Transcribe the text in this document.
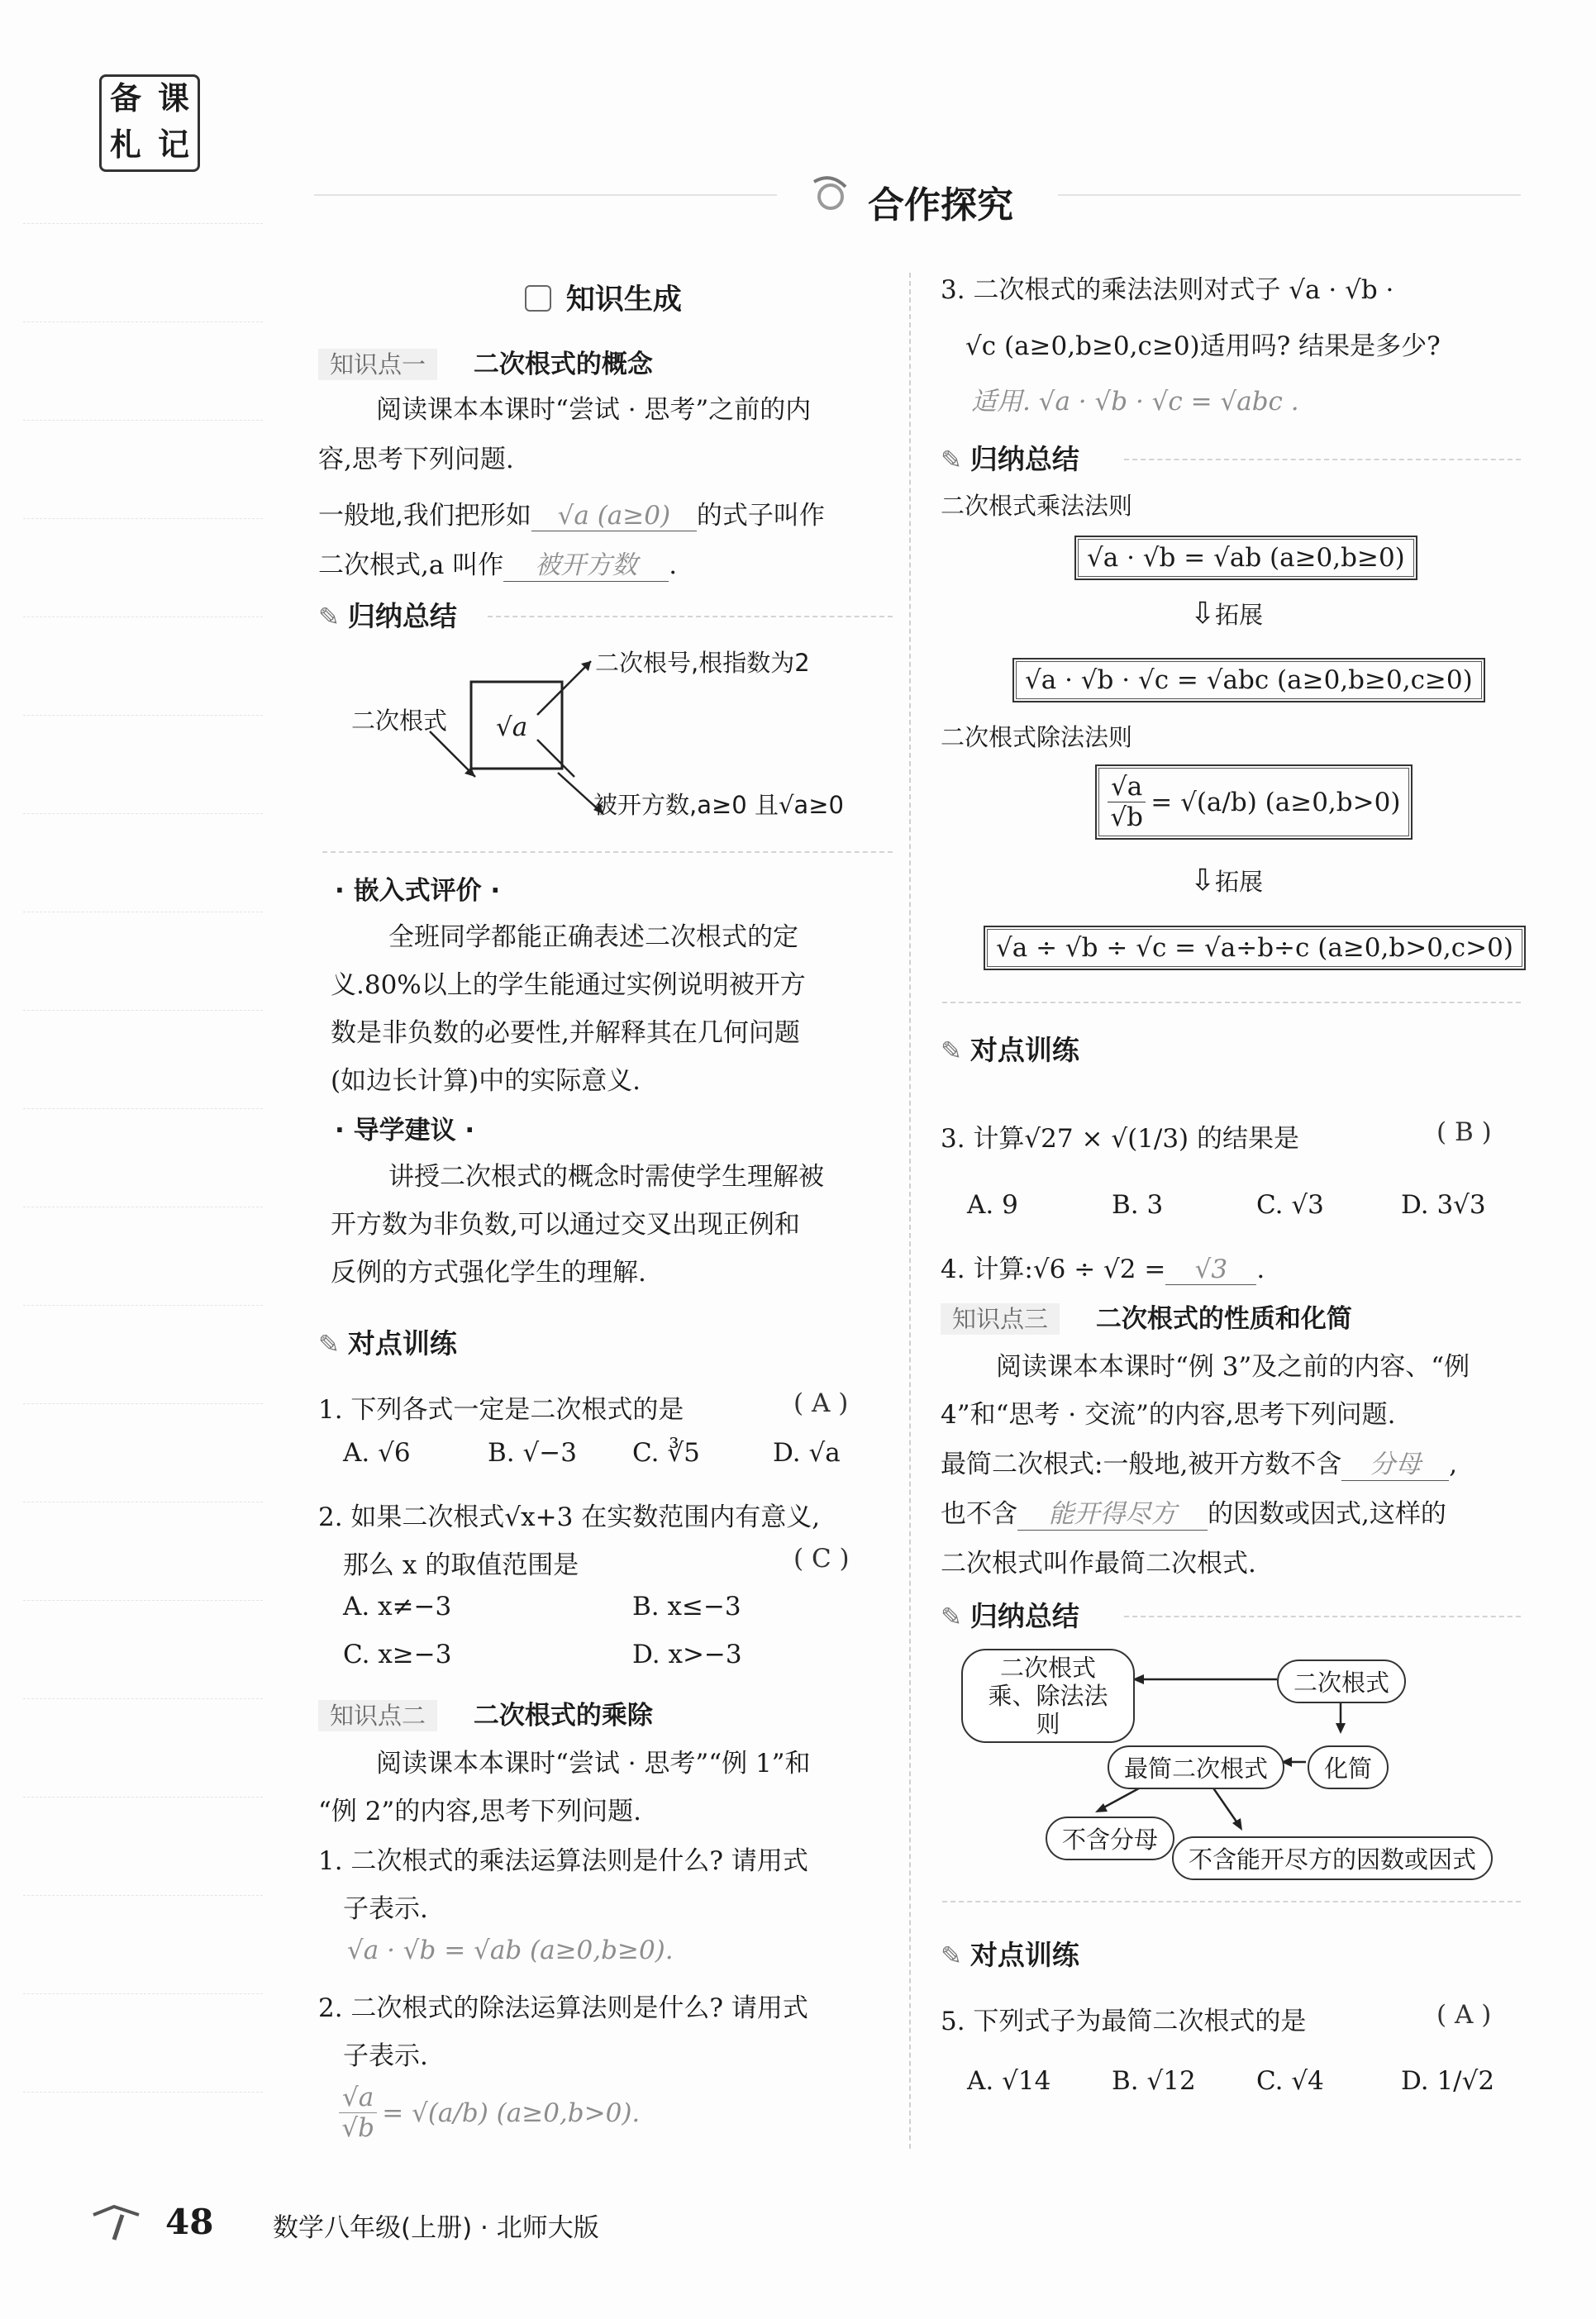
备 课
札 记
合作探究
知识生成
知识点一 二次根式的概念
阅读课本本课时“尝试 · 思考”之前的内
容,思考下列问题.
一般地,我们把形如 √a (a≥0) 的式子叫作
二次根式,a 叫作 被开方数 .
✎ 归纳总结
二次根式 √a
二次根号,根指数为2
被开方数,a≥0 且√a≥0
· 嵌入式评价 ·
全班同学都能正确表述二次根式的定
义.80%以上的学生能通过实例说明被开方
数是非负数的必要性,并解释其在几何问题
(如边长计算)中的实际意义.
· 导学建议 ·
讲授二次根式的概念时需使学生理解被
开方数为非负数,可以通过交叉出现正例和
反例的方式强化学生的理解.
✎ 对点训练
1. 下列各式一定是二次根式的是	( A )
A. √6	B. √−3 C. ∛5	D. √a
2. 如果二次根式√x+3 在实数范围内有意义,
那么 x 的取值范围是	( C )
A. x≠−3	B. x≤−3
C. x≥−3	D. x>−3
知识点二 二次根式的乘除
阅读课本本课时“尝试 · 思考”“例 1”和
“例 2”的内容,思考下列问题.
1. 二次根式的乘法运算法则是什么? 请用式
子表示.
√a · √b = √ab (a≥0,b≥0).
2. 二次根式的除法运算法则是什么? 请用式
子表示.
$\frac{√a}{√b} = √(a/b)$ (a≥0,b>0).
3. 二次根式的乘法法则对式子 √a · √b ·
√c (a≥0,b≥0,c≥0)适用吗? 结果是多少?
适用. √a · √b · √c = √abc .
✎ 归纳总结
二次根式乘法法则
√a · √b = √ab (a≥0,b≥0)
⇩拓展
√a · √b · √c = √abc (a≥0,b≥0,c≥0)
二次根式除法法则
$\frac{√a}{√b} = √(a/b)$ (a≥0,b>0)
⇩拓展
√a ÷ √b ÷ √c = √a÷b÷c (a≥0,b>0,c>0)
✎ 对点训练
3. 计算√27 × √(1/3) 的结果是	( B )
A. 9	B. 3	C. √3	D. 3√3
4. 计算:√6 ÷ √2 = √3 .
知识点三 二次根式的性质和化简
阅读课本本课时“例 3”及之前的内容、“例
4”和“思考 · 交流”的内容,思考下列问题.
最简二次根式:一般地,被开方数不含 分母 ,
也不含 能开得尽方 的因数或因式,这样的
二次根式叫作最简二次根式.
✎ 归纳总结
二次根式
乘、除法法则
二次根式
最简二次根式	化简
不含分母
不含能开尽方的因数或因式
✎ 对点训练
5. 下列式子为最简二次根式的是	( A )
A. √14 B. √12 C. √4	D. 1/√2
48 数学八年级(上册) · 北师大版
